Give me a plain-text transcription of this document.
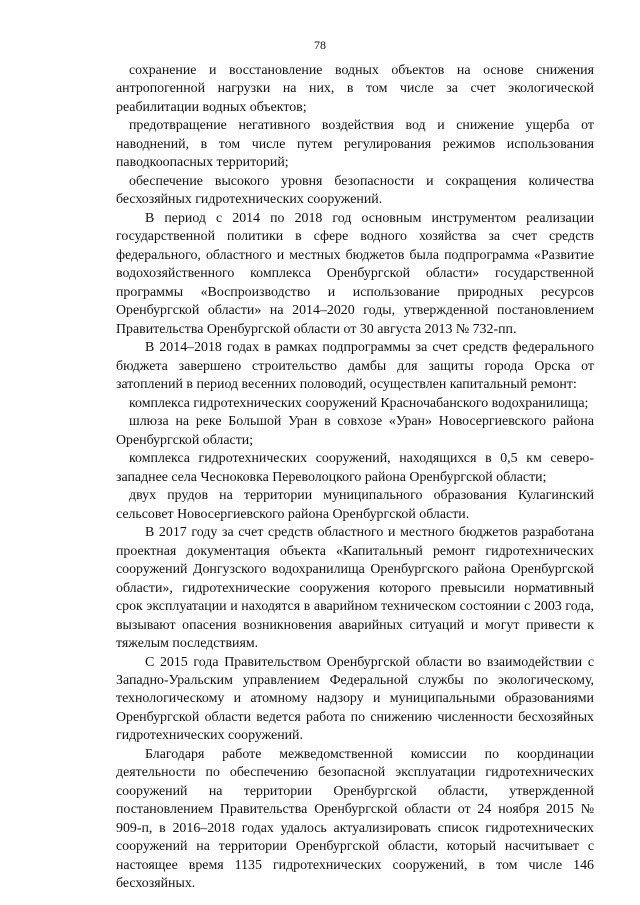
78

сохранение и восстановление водных объектов на основе снижения антропогенной нагрузки на них, в том числе за счет экологической реабилитации водных объектов;

предотвращение негативного воздействия вод и снижение ущерба от наводнений, в том числе путем регулирования режимов использования паводкоопасных территорий;

обеспечение высокого уровня безопасности и сокращения количества бесхозяйных гидротехнических сооружений.

В период с 2014 по 2018 год основным инструментом реализации государственной политики в сфере водного хозяйства за счет средств федерального, областного и местных бюджетов была подпрограмма «Развитие водохозяйственного комплекса Оренбургской области» государственной программы «Воспроизводство и использование природных ресурсов Оренбургской области» на 2014–2020 годы, утвержденной постановлением Правительства Оренбургской области от 30 августа 2013 № 732-пп.

В 2014–2018 годах в рамках подпрограммы за счет средств федерального бюджета завершено строительство дамбы для защиты города Орска от затоплений в период весенних половодий, осуществлен капитальный ремонт:

комплекса гидротехнических сооружений Красночабанского водохранилища;

шлюза на реке Большой Уран в совхозе «Уран» Новосергиевского района Оренбургской области;

комплекса гидротехнических сооружений, находящихся в 0,5 км северо-западнее села Чесноковка Переволоцкого района Оренбургской области;

двух прудов на территории муниципального образования Кулагинский сельсовет Новосергиевского района Оренбургской области.

В 2017 году за счет средств областного и местного бюджетов разработана проектная документация объекта «Капитальный ремонт гидротехнических сооружений Донгузского водохранилища Оренбургского района Оренбургской области», гидротехнические сооружения которого превысили нормативный срок эксплуатации и находятся в аварийном техническом состоянии с 2003 года, вызывают опасения возникновения аварийных ситуаций и могут привести к тяжелым последствиям.

С 2015 года Правительством Оренбургской области во взаимодействии с Западно-Уральским управлением Федеральной службы по экологическому, технологическому и атомному надзору и муниципальными образованиями Оренбургской области ведется работа по снижению численности бесхозяйных гидротехнических сооружений.

Благодаря работе межведомственной комиссии по координации деятельности по обеспечению безопасной эксплуатации гидротехнических сооружений на территории Оренбургской области, утвержденной постановлением Правительства Оренбургской области от 24 ноября 2015 № 909-п, в 2016–2018 годах удалось актуализировать список гидротехнических сооружений на территории Оренбургской области, который насчитывает с настоящее время 1135 гидротехнических сооружений, в том числе 146 бесхозяйных.
